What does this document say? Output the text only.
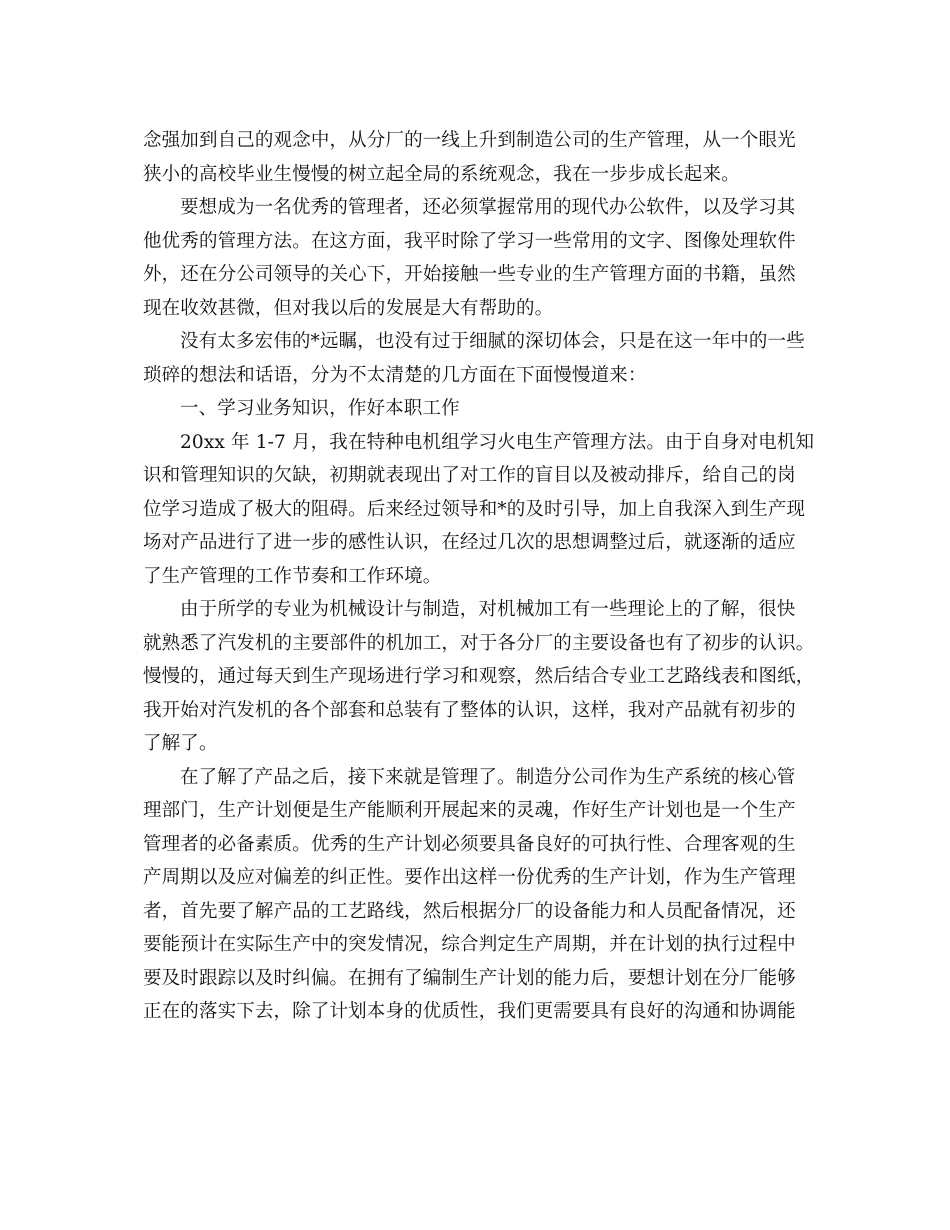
念强加到自己的观念中，从分厂的一线上升到制造公司的生产管理，从一个眼光
狭小的高校毕业生慢慢的树立起全局的系统观念，我在一步步成长起来。
要想成为一名优秀的管理者，还必须掌握常用的现代办公软件，以及学习其
他优秀的管理方法。在这方面，我平时除了学习一些常用的文字、图像处理软件
外，还在分公司领导的关心下，开始接触一些专业的生产管理方面的书籍，虽然
现在收效甚微，但对我以后的发展是大有帮助的。
没有太多宏伟的*远瞩，也没有过于细腻的深切体会，只是在这一年中的一些
琐碎的想法和话语，分为不太清楚的几方面在下面慢慢道来：
一、学习业务知识，作好本职工作
20xx 年 1-7 月，我在特种电机组学习火电生产管理方法。由于自身对电机知
识和管理知识的欠缺，初期就表现出了对工作的盲目以及被动排斥，给自己的岗
位学习造成了极大的阻碍。后来经过领导和*的及时引导，加上自我深入到生产现
场对产品进行了进一步的感性认识，在经过几次的思想调整过后，就逐渐的适应
了生产管理的工作节奏和工作环境。
由于所学的专业为机械设计与制造，对机械加工有一些理论上的了解，很快
就熟悉了汽发机的主要部件的机加工，对于各分厂的主要设备也有了初步的认识。
慢慢的，通过每天到生产现场进行学习和观察，然后结合专业工艺路线表和图纸，
我开始对汽发机的各个部套和总装有了整体的认识，这样，我对产品就有初步的
了解了。
在了解了产品之后，接下来就是管理了。制造分公司作为生产系统的核心管
理部门，生产计划便是生产能顺利开展起来的灵魂，作好生产计划也是一个生产
管理者的必备素质。优秀的生产计划必须要具备良好的可执行性、合理客观的生
产周期以及应对偏差的纠正性。要作出这样一份优秀的生产计划，作为生产管理
者，首先要了解产品的工艺路线，然后根据分厂的设备能力和人员配备情况，还
要能预计在实际生产中的突发情况，综合判定生产周期，并在计划的执行过程中
要及时跟踪以及时纠偏。在拥有了编制生产计划的能力后，要想计划在分厂能够
正在的落实下去，除了计划本身的优质性，我们更需要具有良好的沟通和协调能
